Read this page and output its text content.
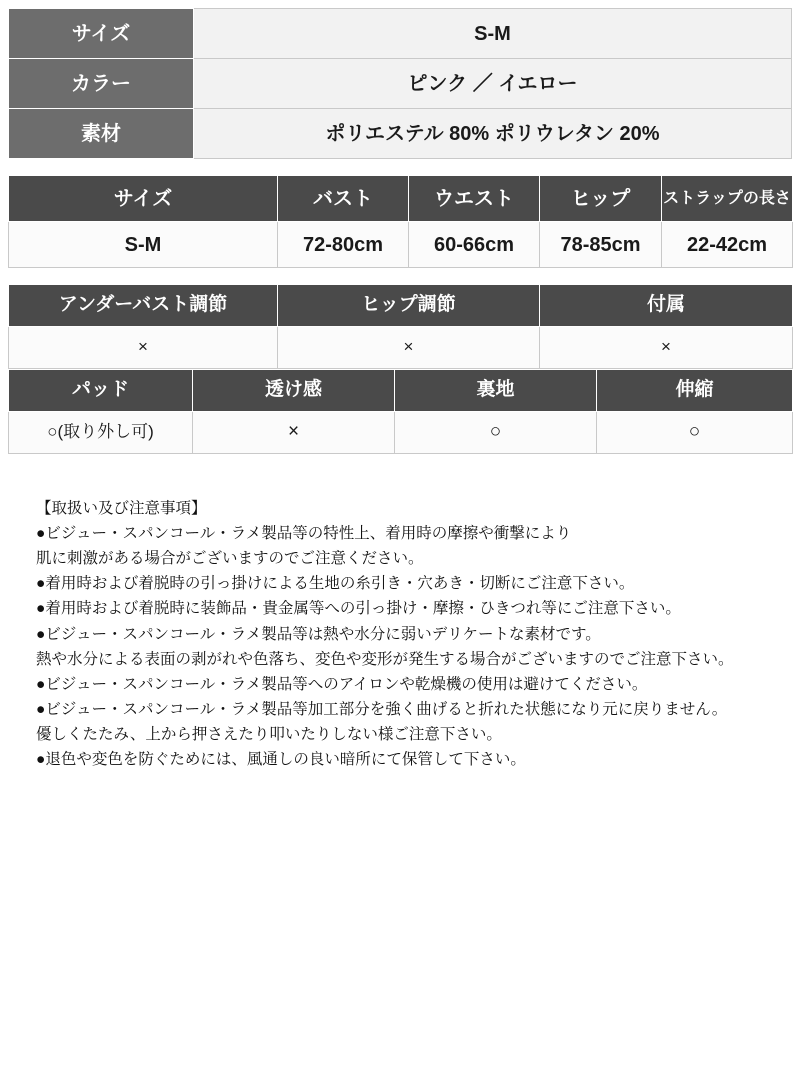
サイズ	S‐M
カラー	ピンク ／ イエロー
素材	ポリエステル 80% ポリウレタン 20%
サイズ	バスト	ウエスト	ヒップ	ストラップの長さ
S‐M	72-80cm	60-66cm	78-85cm	22-42cm
アンダーバスト調節	ヒップ調節	付属
×	×	×
パッド	透け感	裏地	伸縮
○(取り外し可)	×	○	○
【取扱い及び注意事項】
●ビジュー・スパンコール・ラメ製品等の特性上、着用時の摩擦や衝撃により
肌に刺激がある場合がございますのでご注意ください。
●着用時および着脱時の引っ掛けによる生地の糸引き・穴あき・切断にご注意下さい。
●着用時および着脱時に装飾品・貴金属等への引っ掛け・摩擦・ひきつれ等にご注意下さい。
●ビジュー・スパンコール・ラメ製品等は熱や水分に弱いデリケートな素材です。
熱や水分による表面の剥がれや色落ち、変色や変形が発生する場合がございますのでご注意下さい。
●ビジュー・スパンコール・ラメ製品等へのアイロンや乾燥機の使用は避けてください。
●ビジュー・スパンコール・ラメ製品等加工部分を強く曲げると折れた状態になり元に戻りません。
優しくたたみ、上から押さえたり叩いたりしない様ご注意下さい。
●退色や変色を防ぐためには、風通しの良い暗所にて保管して下さい。
